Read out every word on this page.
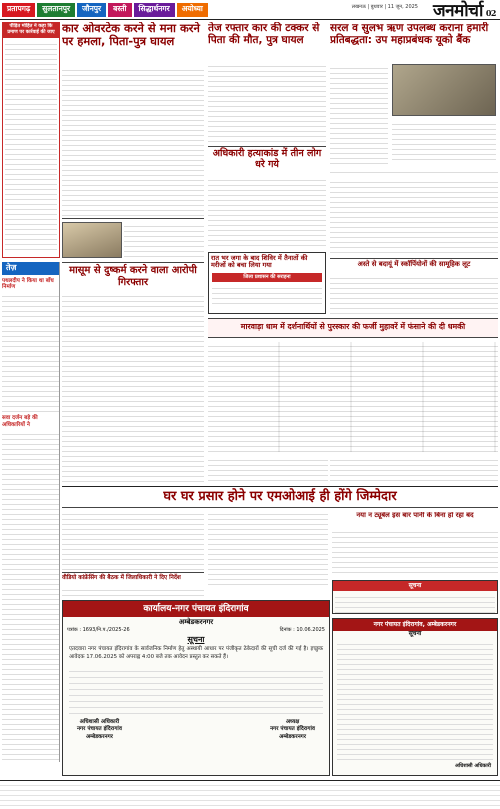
प्रतापगढ़	सुलतानपुर	जौनपुर	बस्ती	सिद्धार्थनगर	अयोध्या	लखनऊ | बुधवार | 11 जून, 2025 जनमोर्चा 02
पीड़ित मोहित ने कहा कि प्रमाण पर कार्रवाई की जाए
तेज़
पथलदीप ने किया था बाँध निर्माण
सवा दर्जन बड़े की अधिकारियों ने
कार ओवरटेक करने से मना करने पर हमला, पिता-पुत्र घायल
तेज रफ्तार कार की टक्कर से पिता की मौत, पुत्र घायल
सरल व सुलभ ऋण उपलब्ध कराना हमारी प्रतिबद्धता: उप महाप्रबंधक यूको बैंक
अधिकारी हत्याकांड में तीन लोग धरे गये
मासूम से दुष्कर्म करने वाला आरोपी गिरफ्तार
रात भर जगा के बाद शिविर में तैनातों की मरीजों को बचा लिया गया
जिला प्रशासन की सराहना
मारवाड़ा धाम में दर्शनार्थियों से पुरस्कार की फर्जी मुहावरें में फंसाने की दी धमकी
अस्ते से बदायूं में स्कॉर्पियोनों की सामूहिक लूट
घर घर प्रसार होने पर एमओआई ही होंगे जिम्मेदार
नया न ट्यूबेल इस बार पानी के बिना हो रहा बंद
वीडियो कांफ्रेंसिंग की बैठक में जिलाधिकारी ने दिए निर्देश
कार्यालय-नगर पंचायत इंदिरागांव
अम्बेडकरनगर
पत्रांक : 1693/नि.प./2025-26	दिनांक : 10.06.2025
सूचना
एतदवारा नगर पंचायत इंदिरागांव के सार्वजनिक निर्माण हेतु अस्थायी आधार पर पंजीकृत ठेकेदारों की सूची दर्ज की गई है। इच्छुक आवेदक 17.06.2025 को अपराह्न 4:00 बजे तक आवेदन प्रस्तुत कर सकते हैं।
अधिशासी अधिकारी
नगर पंचायत इंदिरागांव
अम्बेडकरनगर
अध्यक्ष
नगर पंचायत इंदिरागांव
अम्बेडकरनगर
सूचना
नगर पंचायत इंदिरागांव, अम्बेडकरनगर
सूचना
अधिशासी अधिकारी
